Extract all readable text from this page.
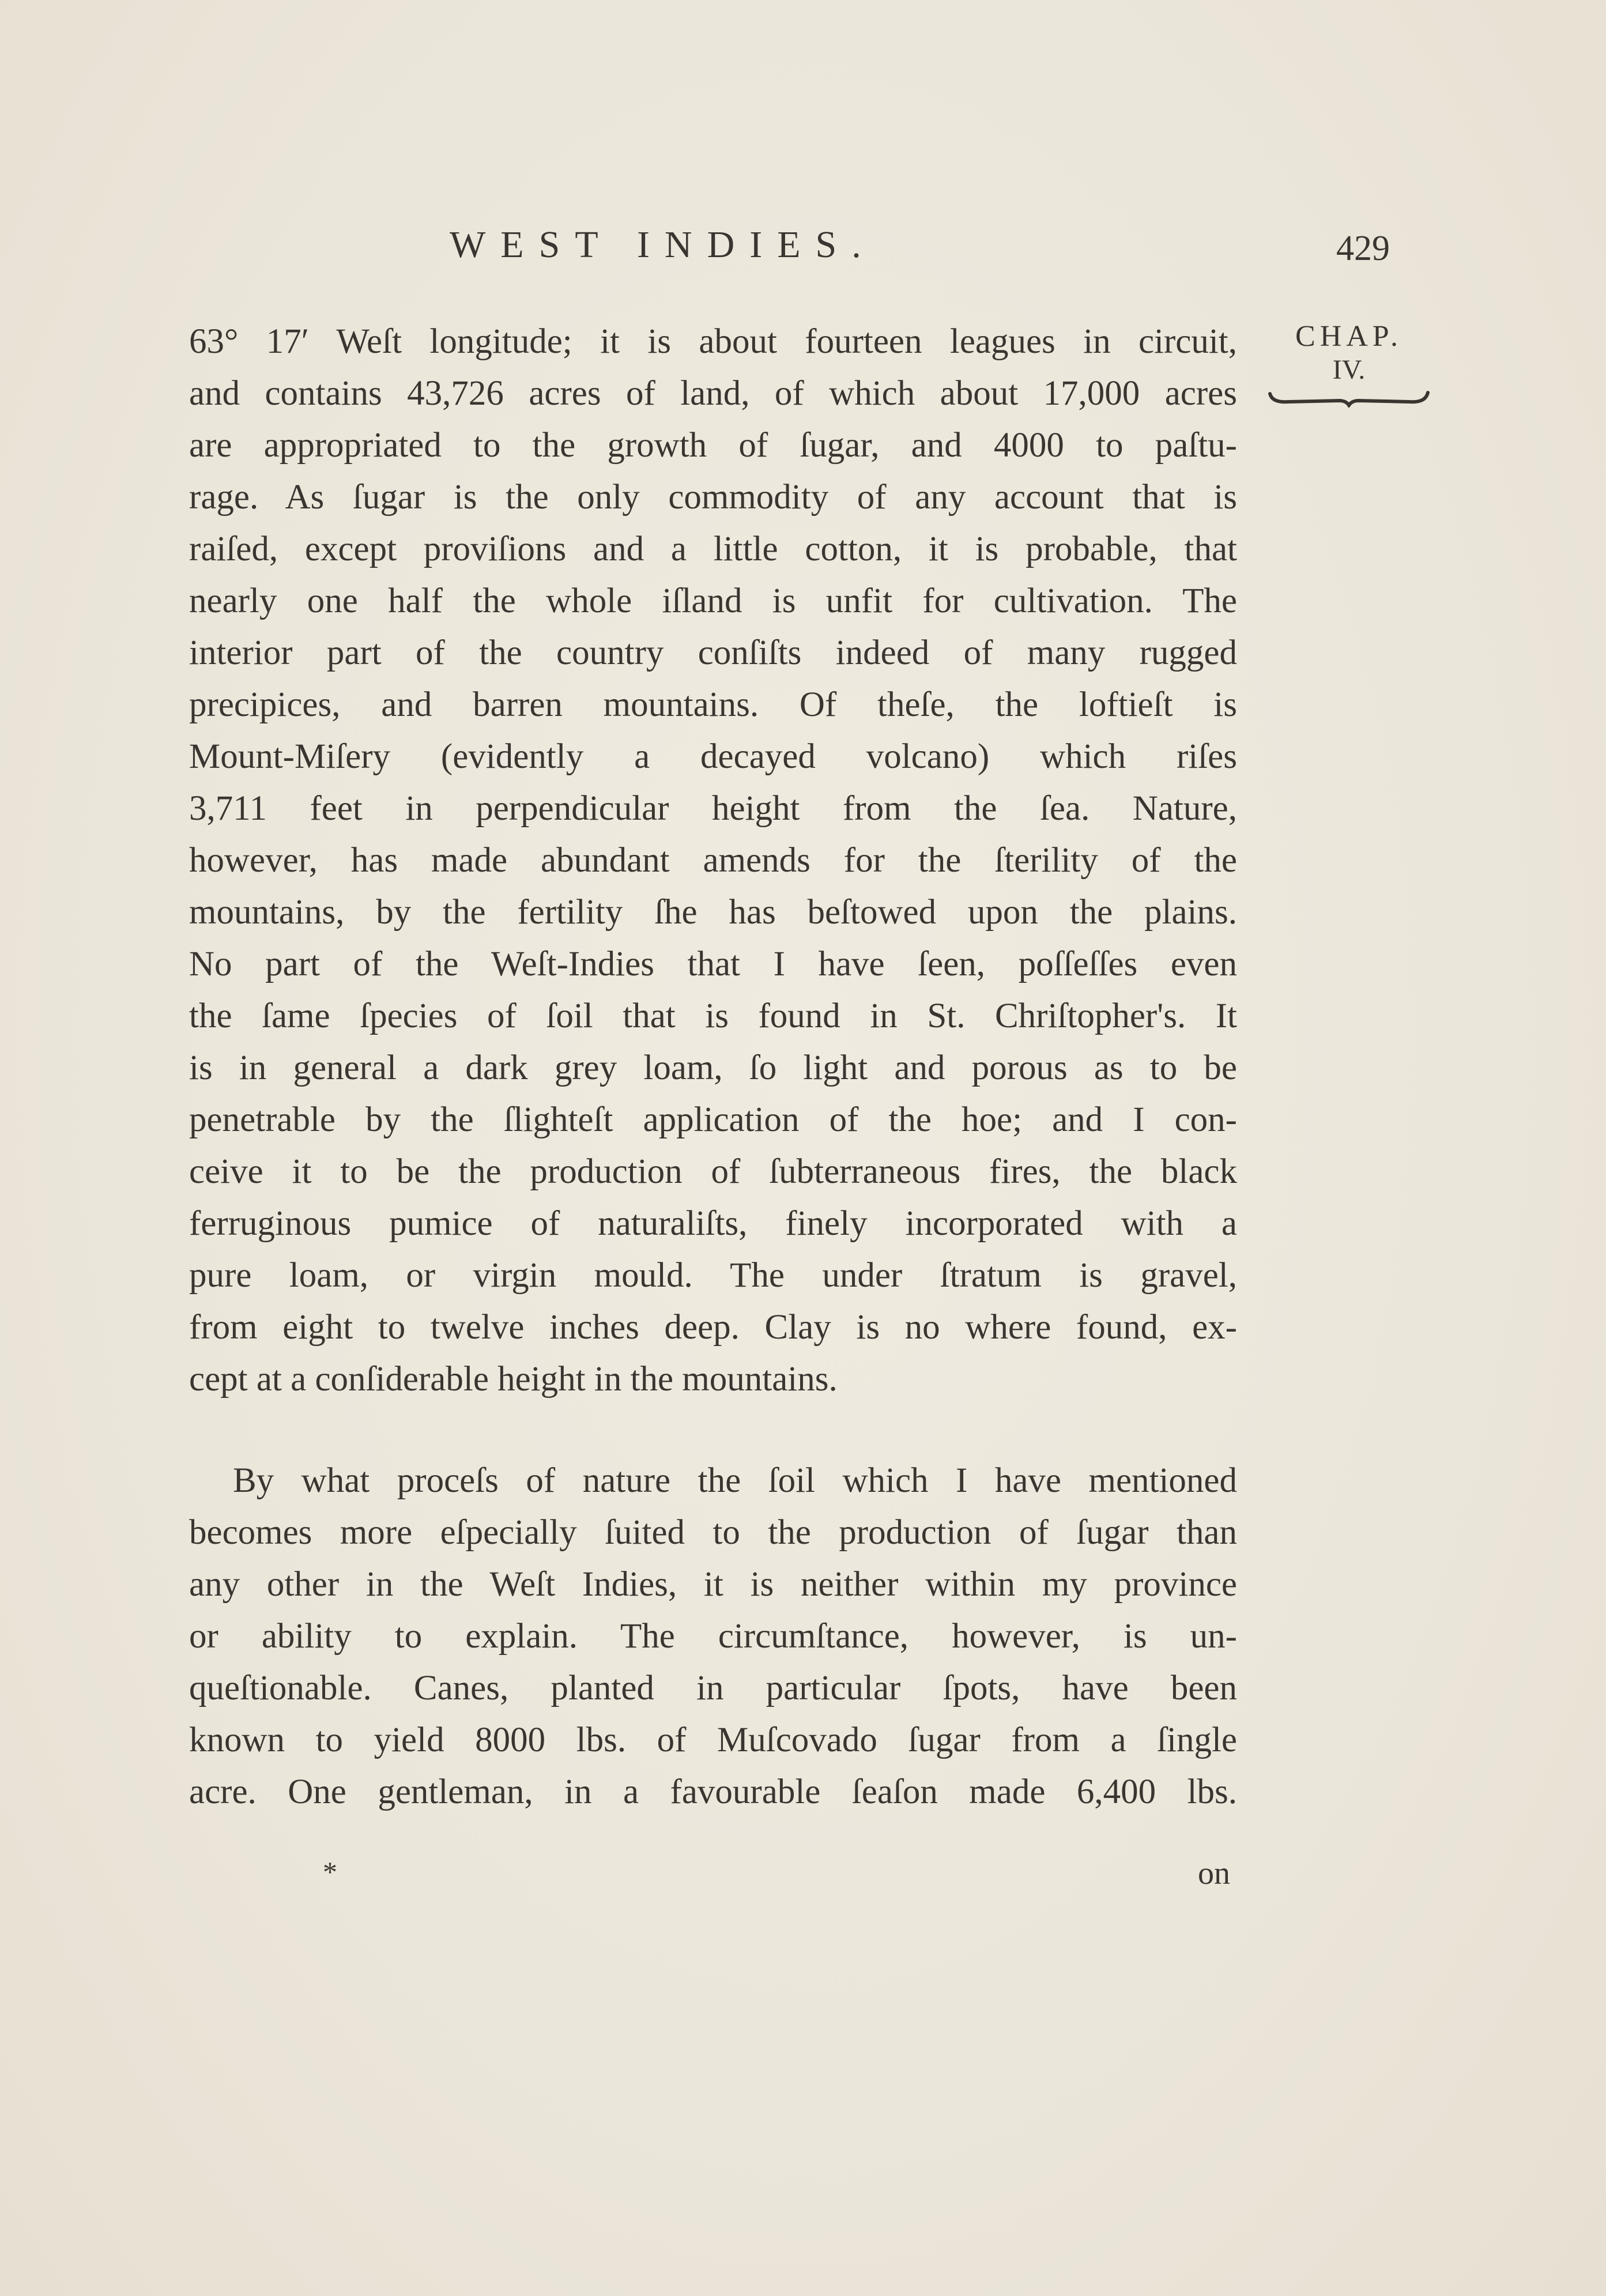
WEST INDIES.	429
CHAP.
IV.
63° 17′ Weſt longitude; it is about fourteen leagues in circuit,
and contains 43,726 acres of land, of which about 17,000 acres
are appropriated to the growth of ſugar, and 4000 to paſtu-
rage. As ſugar is the only commodity of any account that is
raiſed, except proviſions and a little cotton, it is probable, that
nearly one half the whole iſland is unfit for cultivation. The
interior part of the country conſiſts indeed of many rugged
precipices, and barren mountains. Of theſe, the loftieſt is
Mount-Miſery (evidently a decayed volcano) which riſes
3,711 feet in perpendicular height from the ſea. Nature,
however, has made abundant amends for the ſterility of the
mountains, by the fertility ſhe has beſtowed upon the plains.
No part of the Weſt-Indies that I have ſeen, poſſeſſes even
the ſame ſpecies of ſoil that is found in St. Chriſtopher's. It
is in general a dark grey loam, ſo light and porous as to be
penetrable by the ſlighteſt application of the hoe; and I con-
ceive it to be the production of ſubterraneous fires, the black
ferruginous pumice of naturaliſts, finely incorporated with a
pure loam, or virgin mould. The under ſtratum is gravel,
from eight to twelve inches deep. Clay is no where found, ex-
cept at a conſiderable height in the mountains.
By what proceſs of nature the ſoil which I have mentioned
becomes more eſpecially ſuited to the production of ſugar than
any other in the Weſt Indies, it is neither within my province
or ability to explain. The circumſtance, however, is un-
queſtionable. Canes, planted in particular ſpots, have been
known to yield 8000 lbs. of Muſcovado ſugar from a ſingle
acre. One gentleman, in a favourable ſeaſon made 6,400 lbs.
*	on
